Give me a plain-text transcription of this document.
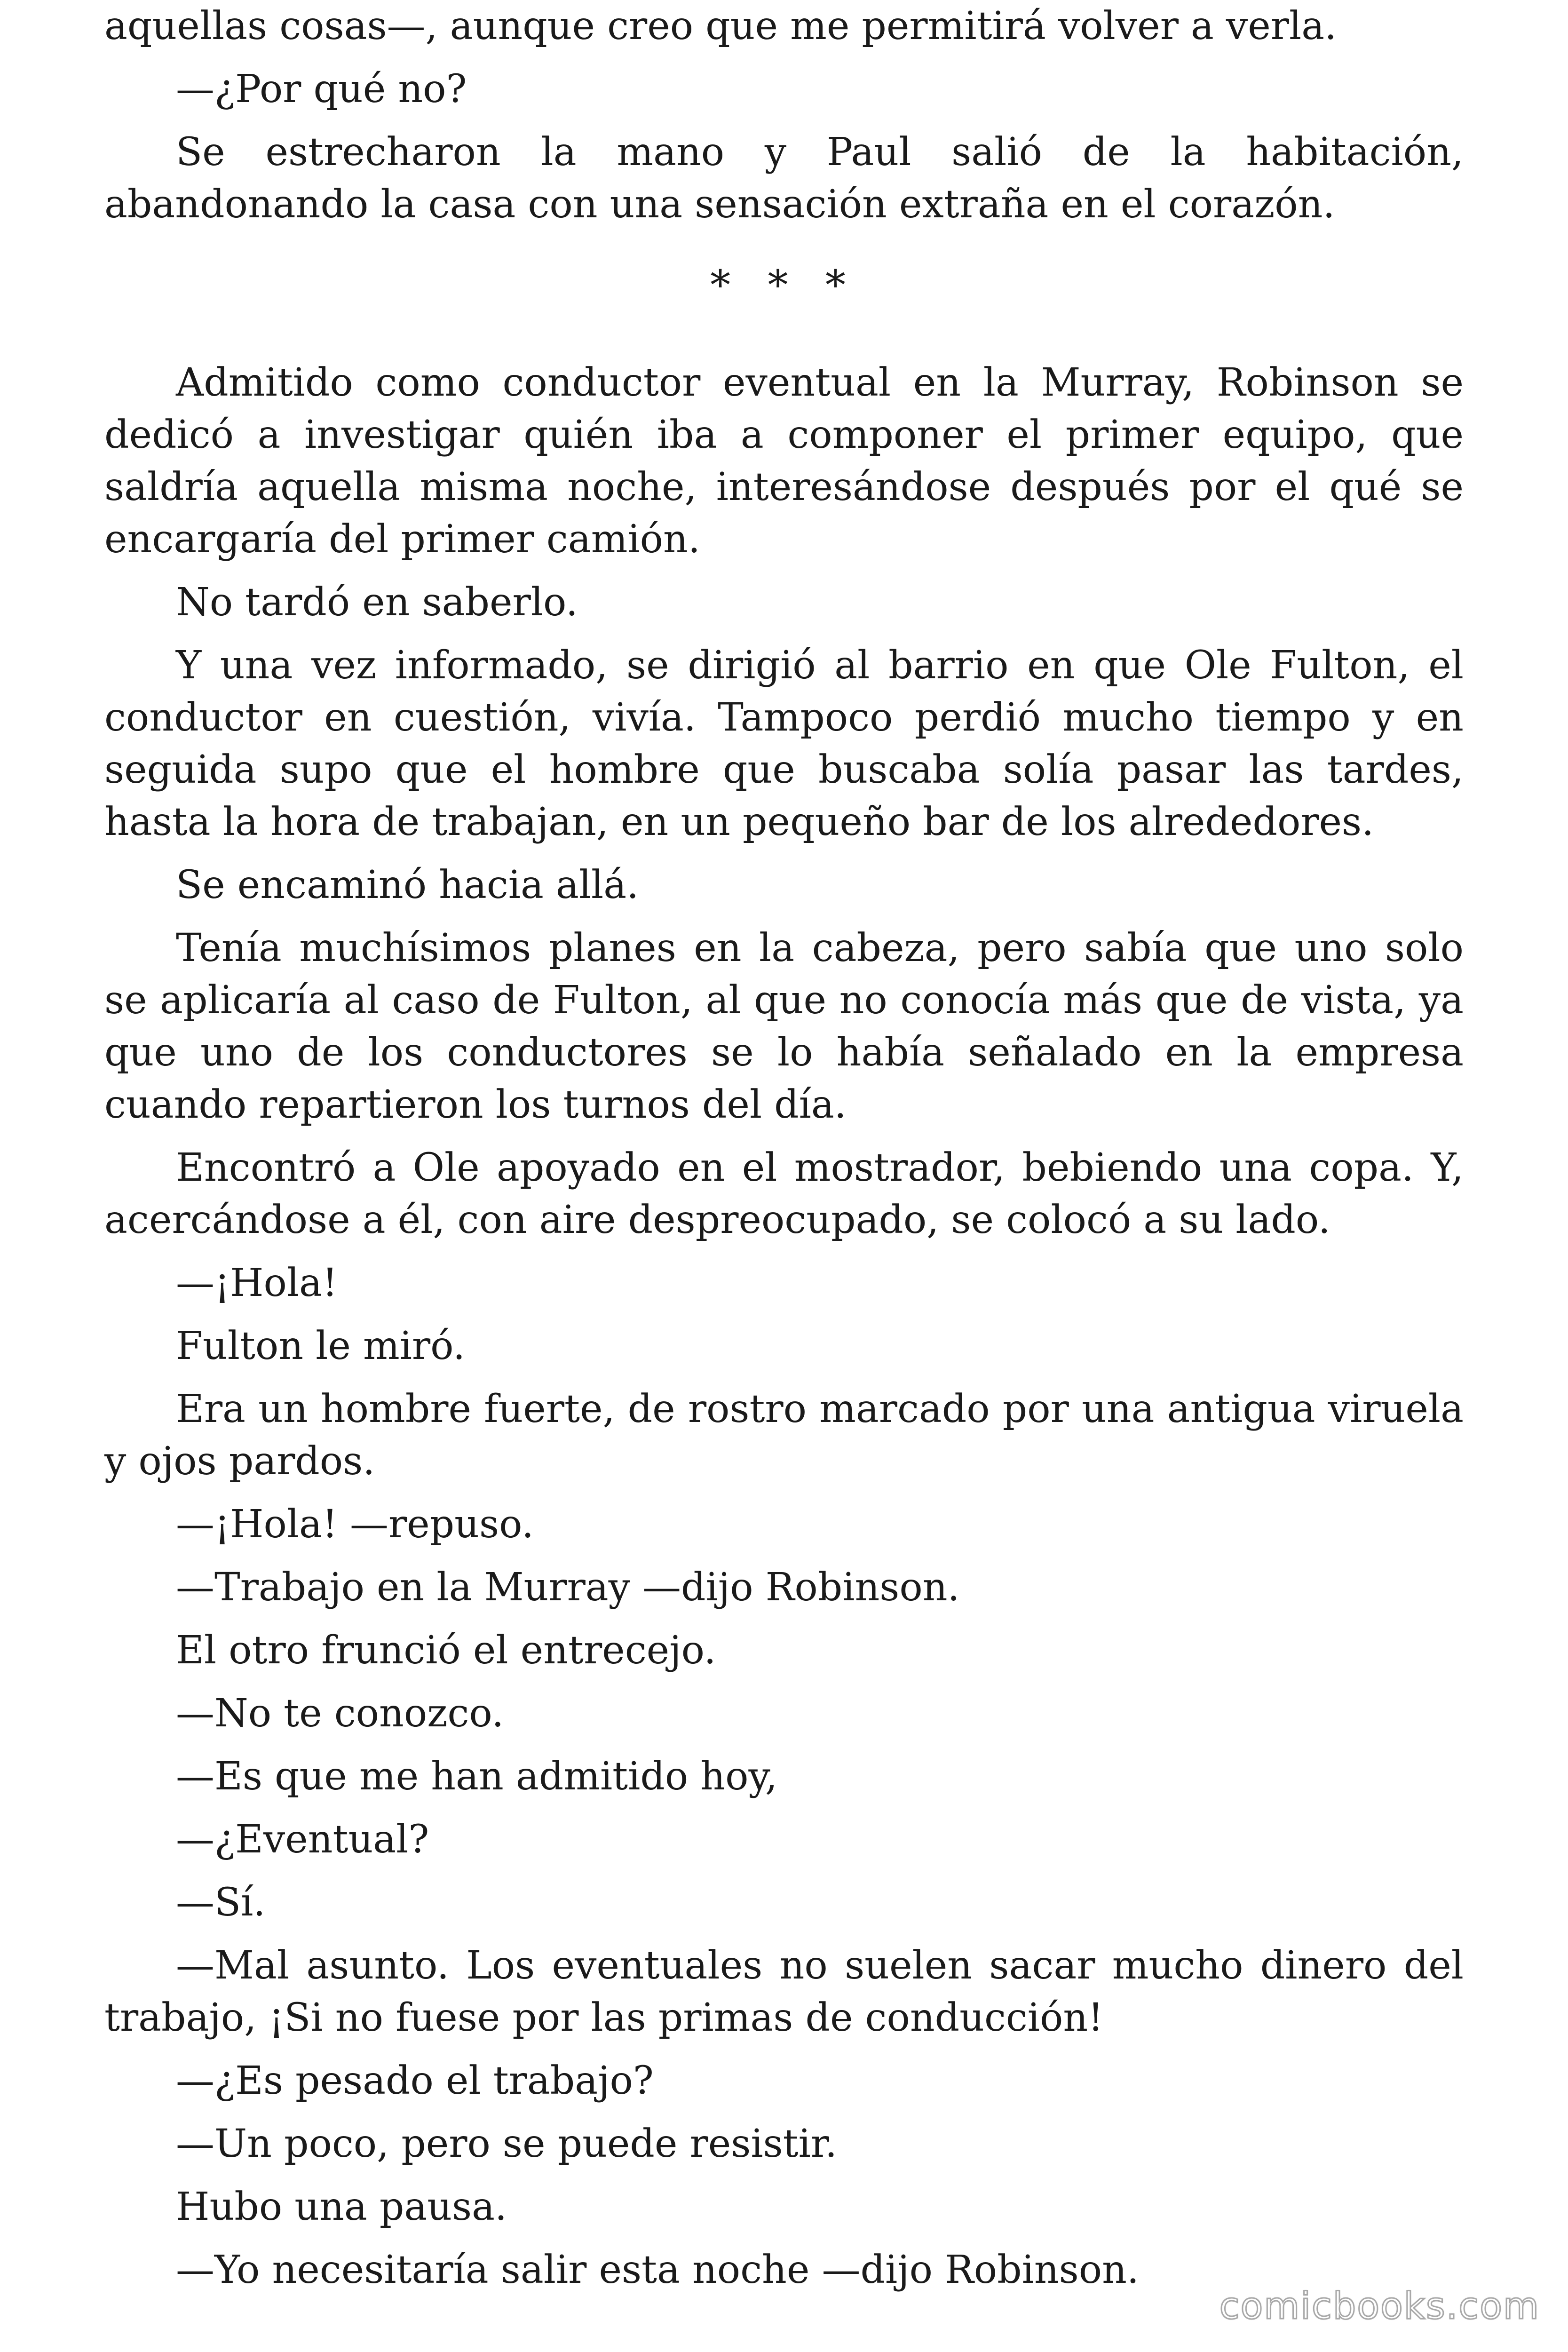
aquellas cosas—, aunque creo que me permitirá volver a verla.

—¿Por qué no?

Se estrecharon la mano y Paul salió de la habitación, abandonando la casa con una sensación extraña en el corazón.

* * *

Admitido como conductor eventual en la Murray, Robinson se dedicó a investigar quién iba a componer el primer equipo, que saldría aquella misma noche, interesándose después por el qué se encargaría del primer camión.

No tardó en saberlo.

Y una vez informado, se dirigió al barrio en que Ole Fulton, el conductor en cuestión, vivía. Tampoco perdió mucho tiempo y en seguida supo que el hombre que buscaba solía pasar las tardes, hasta la hora de trabajan, en un pequeño bar de los alrededores.

Se encaminó hacia allá.

Tenía muchísimos planes en la cabeza, pero sabía que uno solo se aplicaría al caso de Fulton, al que no conocía más que de vista, ya que uno de los conductores se lo había señalado en la empresa cuando repartieron los turnos del día.

Encontró a Ole apoyado en el mostrador, bebiendo una copa. Y, acercándose a él, con aire despreocupado, se colocó a su lado.

—¡Hola!

Fulton le miró.

Era un hombre fuerte, de rostro marcado por una antigua viruela y ojos pardos.

—¡Hola! —repuso.

—Trabajo en la Murray —dijo Robinson.

El otro frunció el entrecejo.

—No te conozco.

—Es que me han admitido hoy,

—¿Eventual?

—Sí.

—Mal asunto. Los eventuales no suelen sacar mucho dinero del trabajo, ¡Si no fuese por las primas de conducción!

—¿Es pesado el trabajo?

—Un poco, pero se puede resistir.

Hubo una pausa.

—Yo necesitaría salir esta noche —dijo Robinson.

comicbooks.com
